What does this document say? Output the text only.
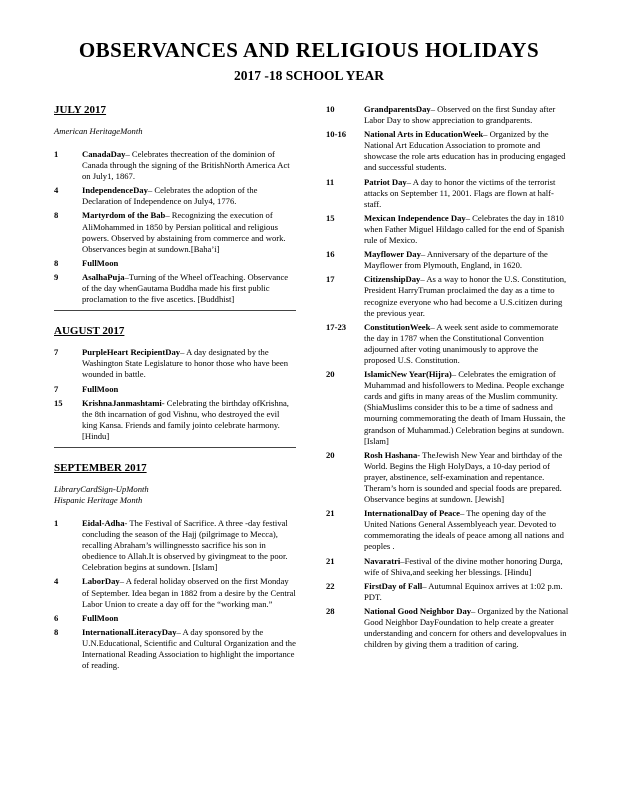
OBSERVANCES AND RELIGIOUS HOLIDAYS
2017 -18 SCHOOL YEAR
JULY 2017
American HeritageMonth
1	CanadaDay– Celebrates thecreation of the dominion of Canada through the signing of the BritishNorth America Act on July1, 1867.
4	IndependenceDay– Celebrates the adoption of the Declaration of Independence on July4, 1776.
8	Martyrdom of the Bab– Recognizing the execution of AliMohammed in 1850 by Persian political and religious powers. Observed by abstaining from commerce and work. Observances begin at sundown.[Baha’i]
8	FullMoon
9	AsalhaPuja–Turning of the Wheel ofTeaching. Observance of the day whenGautama Buddha made his first public proclamation to the five ascetics. [Buddhist]
AUGUST 2017
7	PurpleHeart RecipientDay– A day designated by the Washington State Legislature to honor those who have been wounded in battle.
7	FullMoon
15	KrishnaJanmashtami- Celebrating the birthday ofKrishna, the 8th incarnation of god Vishnu, who destroyed the evil king Kansa. Friends and family jointo celebrate harmony. [Hindu]
SEPTEMBER 2017
LibraryCardSign-UpMonth
Hispanic Heritage Month
1	Eidal-Adha- The Festival of Sacrifice. A three -day festival concluding the season of the Hajj (pilgrimage to Mecca), recalling Abraham’s willingnessto sacrifice his son in obedience to Allah.It is observed by givingmeat to the poor. Celebration begins at sundown. [Islam]
4	LaborDay– A federal holiday observed on the first Monday of September. Idea began in 1882 from a desire by the Central Labor Union to create a day off for the “working man.”
6	FullMoon
8	InternationalLiteracyDay– A day sponsored by the U.N.Educational, Scientific and Cultural Organization and the International Reading Association to highlight the importance of reading.
10	GrandparentsDay– Observed on the first Sunday after Labor Day to show appreciation to grandparents.
10-16	National Arts in EducationWeek– Organized by the National Art Education Association to promote and showcase the role arts education has in producing engaged and successful students.
11	Patriot Day– A day to honor the victims of the terrorist attacks on September 11, 2001. Flags are flown at half-staff.
15	Mexican Independence Day– Celebrates the day in 1810 when Father Miguel Hildago called for the end of Spanish rule of Mexico.
16	Mayflower Day– Anniversary of the departure of the Mayflower from Plymouth, England, in 1620.
17	CitizenshipDay– As a way to honor the U.S. Constitution, President HarryTruman proclaimed the day as a time to recognize everyone who had become a U.S.citizen during the previous year.
17-23	ConstitutionWeek– A week sent aside to commemorate the day in 1787 when the Constitutional Convention adjourned after voting unanimously to approve the proposed U.S. Constitution.
20	IslamicNew Year(Hijra)– Celebrates the emigration of Muhammad and hisfollowers to Medina. People exchange cards and gifts in many areas of the Muslim community. (ShiaMuslims consider this to be a time of sadness and mourning commemorating the death of Imam Hussain, the grandson of Muhammad.) Celebration begins at sundown. [Islam]
20	Rosh Hashana- TheJewish New Year and birthday of the World. Begins the High HolyDays, a 10-day period of prayer, abstinence, self-examination and repentance. Theram’s horn is sounded and special foods are prepared. Observance begins at sundown. [Jewish]
21	InternationalDay of Peace– The opening day of the United Nations General Assemblyeach year. Devoted to commemorating the ideals of peace among all nations and peoples .
21	Navaratri–Festival of the divine mother honoring Durga, wife of Shiva,and seeking her blessings. [Hindu]
22	FirstDay of Fall– Autumnal Equinox arrives at 1:02 p.m. PDT.
28	National Good Neighbor Day– Organized by the National Good Neighbor DayFoundation to help create a greater understanding and concern for others and developvalues in children by giving them a tradition of caring.
